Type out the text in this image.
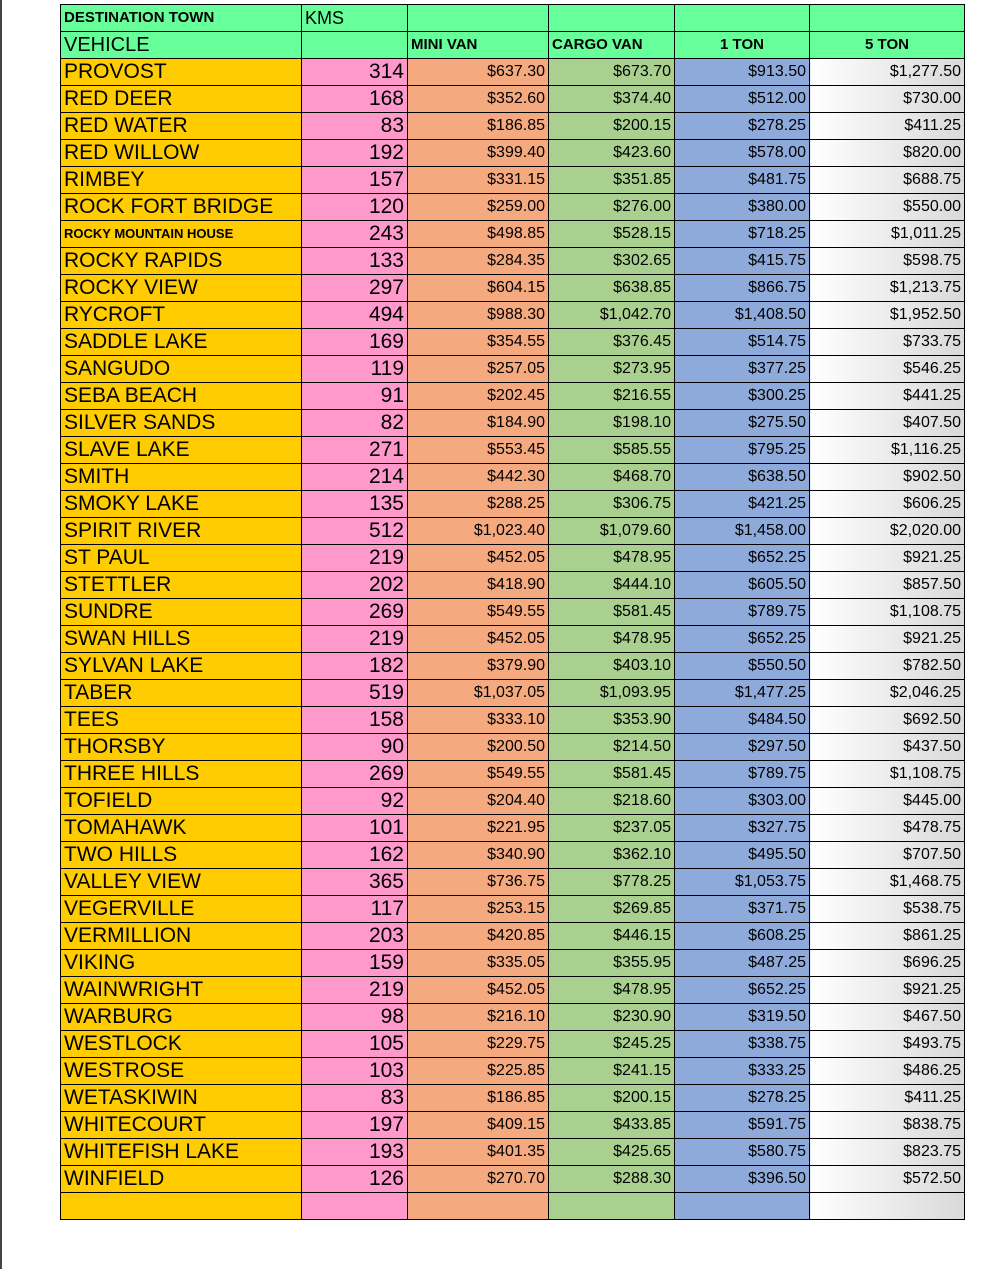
DESTINATION TOWN	KMS				
VEHICLE		MINI VAN	CARGO VAN	1 TON	5 TON
PROVOST	314	$637.30	$673.70	$913.50	$1,277.50
RED DEER	168	$352.60	$374.40	$512.00	$730.00
RED WATER	83	$186.85	$200.15	$278.25	$411.25
RED WILLOW	192	$399.40	$423.60	$578.00	$820.00
RIMBEY	157	$331.15	$351.85	$481.75	$688.75
ROCK FORT BRIDGE	120	$259.00	$276.00	$380.00	$550.00
ROCKY MOUNTAIN HOUSE	243	$498.85	$528.15	$718.25	$1,011.25
ROCKY RAPIDS	133	$284.35	$302.65	$415.75	$598.75
ROCKY VIEW	297	$604.15	$638.85	$866.75	$1,213.75
RYCROFT	494	$988.30	$1,042.70	$1,408.50	$1,952.50
SADDLE LAKE	169	$354.55	$376.45	$514.75	$733.75
SANGUDO	119	$257.05	$273.95	$377.25	$546.25
SEBA BEACH	91	$202.45	$216.55	$300.25	$441.25
SILVER SANDS	82	$184.90	$198.10	$275.50	$407.50
SLAVE LAKE	271	$553.45	$585.55	$795.25	$1,116.25
SMITH	214	$442.30	$468.70	$638.50	$902.50
SMOKY LAKE	135	$288.25	$306.75	$421.25	$606.25
SPIRIT RIVER	512	$1,023.40	$1,079.60	$1,458.00	$2,020.00
ST PAUL	219	$452.05	$478.95	$652.25	$921.25
STETTLER	202	$418.90	$444.10	$605.50	$857.50
SUNDRE	269	$549.55	$581.45	$789.75	$1,108.75
SWAN HILLS	219	$452.05	$478.95	$652.25	$921.25
SYLVAN LAKE	182	$379.90	$403.10	$550.50	$782.50
TABER	519	$1,037.05	$1,093.95	$1,477.25	$2,046.25
TEES	158	$333.10	$353.90	$484.50	$692.50
THORSBY	90	$200.50	$214.50	$297.50	$437.50
THREE HILLS	269	$549.55	$581.45	$789.75	$1,108.75
TOFIELD	92	$204.40	$218.60	$303.00	$445.00
TOMAHAWK	101	$221.95	$237.05	$327.75	$478.75
TWO HILLS	162	$340.90	$362.10	$495.50	$707.50
VALLEY VIEW	365	$736.75	$778.25	$1,053.75	$1,468.75
VEGERVILLE	117	$253.15	$269.85	$371.75	$538.75
VERMILLION	203	$420.85	$446.15	$608.25	$861.25
VIKING	159	$335.05	$355.95	$487.25	$696.25
WAINWRIGHT	219	$452.05	$478.95	$652.25	$921.25
WARBURG	98	$216.10	$230.90	$319.50	$467.50
WESTLOCK	105	$229.75	$245.25	$338.75	$493.75
WESTROSE	103	$225.85	$241.15	$333.25	$486.25
WETASKIWIN	83	$186.85	$200.15	$278.25	$411.25
WHITECOURT	197	$409.15	$433.85	$591.75	$838.75
WHITEFISH LAKE	193	$401.35	$425.65	$580.75	$823.75
WINFIELD	126	$270.70	$288.30	$396.50	$572.50
